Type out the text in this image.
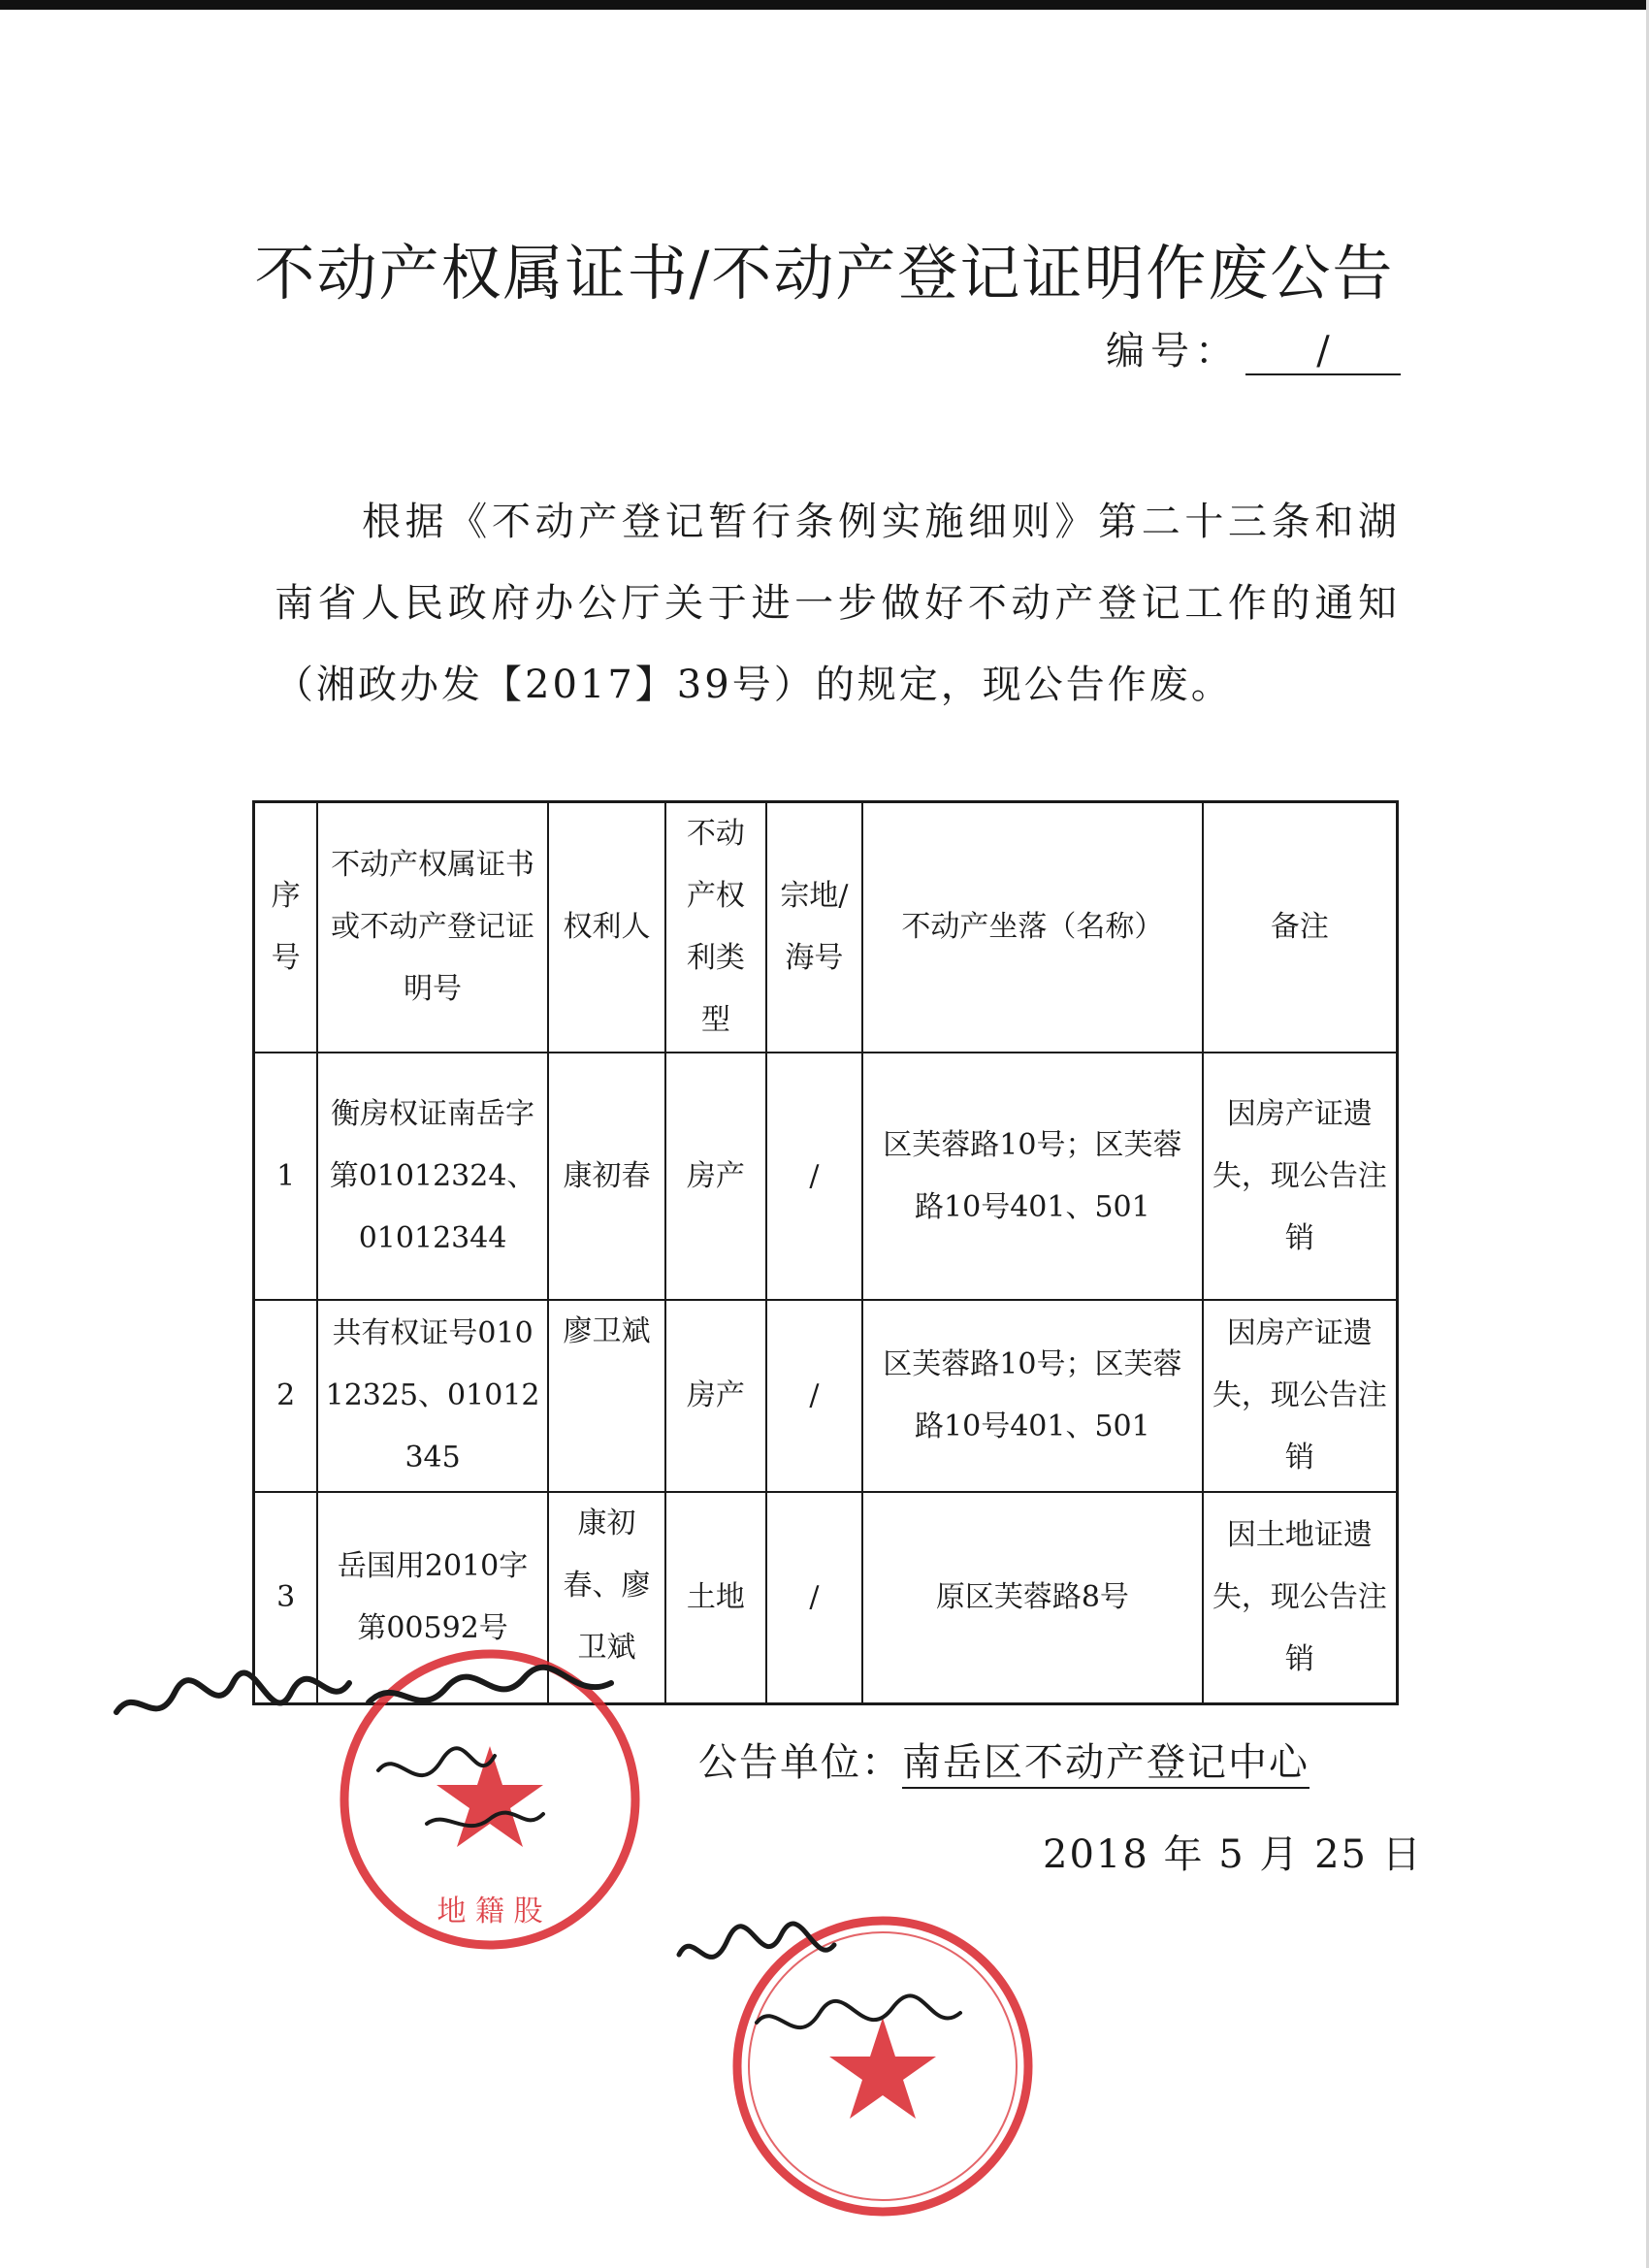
不动产权属证书/不动产登记证明作废公告
编号： /
根据《不动产登记暂行条例实施细则》第二十三条和湖南省人民政府办公厅关于进一步做好不动产登记工作的通知（湘政办发【2017】39号）的规定，现公告作废。
序号	不动产权属证书或不动产登记证明号	权利人	不动产权利类型	宗地/海号	不动产坐落（名称）	备注
1	衡房权证南岳字第01012324、01012344	康初春	房产	/	区芙蓉路10号；区芙蓉路10号401、501	因房产证遗失，现公告注销
2	共有权证号01012325、01012345	廖卫斌	房产	/	区芙蓉路10号；区芙蓉路10号401、501	因房产证遗失，现公告注销
3	岳国用2010字第00592号	康初春、廖卫斌	土地	/	原区芙蓉路8号	因土地证遗失，现公告注销
地 籍 股
公告单位：南岳区不动产登记中心
2018 年 5 月 25 日
